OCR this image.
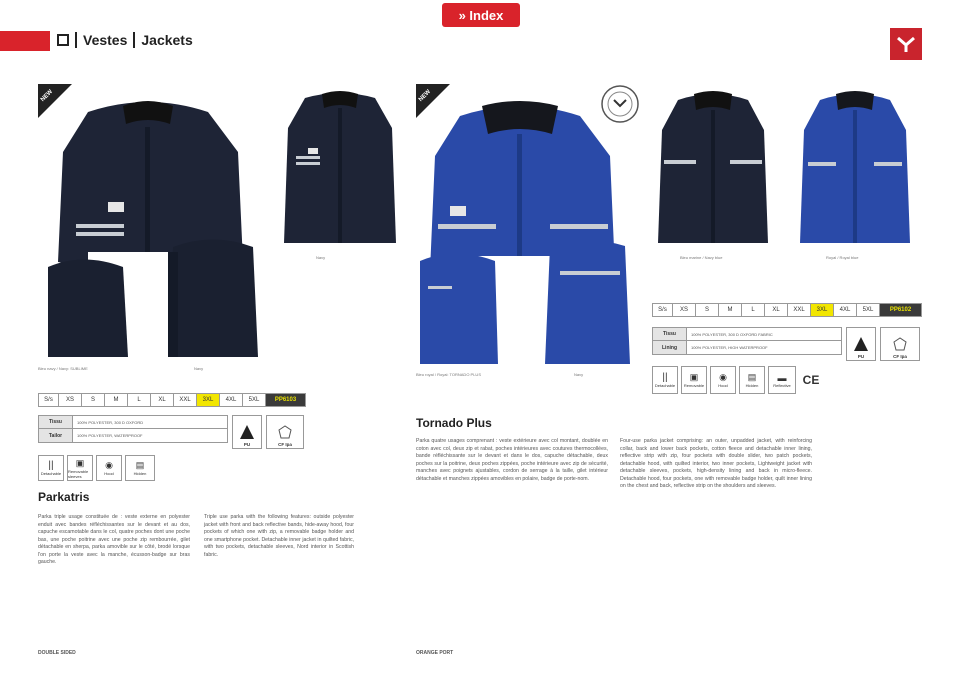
» Index
Vestes Jackets
NEW
Navy
Bleu navy / Navy: SUBLIME	Navy
S/s	XS	S	M	L	XL	XXL	3XL	4XL	5XL	PP6103
Tissu	100% POLYESTER, 300 D OXFORD
Tailor	100% POLYESTER, WATERPROOF
PU	CF Ipa
||
Detachable
▣
Removable sleeves
◉
Hood
▤
Hidden
Parkatris
Parka triple usage constituée de : veste externe en polyester enduit avec bandes réfléchissantes sur le devant et au dos, capuche escamotable dans le col, quatre poches dont une poche bas, une poche poitrine avec une poche zip rembourrée, gilet détachable en sherpa, parka amovible sur le côté, brodé lorsque l'on porte la veste avec la manche, écusson-badge sur bras gauche.
Triple use parka with the following features: outside polyester jacket with front and back reflective bands, hide-away hood, four pockets of which one with zip, a removable badge holder and one smartphone pocket. Detachable inner jacket in quilted fabric, with two pockets, detachable sleeves, Nord interior in Scottish fabric.
DOUBLE SIDED
NEW
Bleu marine / Navy blue	Royal / Royal blue
S/s	XS	S	M	L	XL	XXL	3XL	4XL	5XL	PP6102
Tissu	100% POLYESTER, 300 D OXFORD FABRIC
Lining	100% POLYESTER, HIGH WATERPROOF
PU	CF Ipa
Bleu royal / Royal: TORNADO PLUS	Navy	||
Detachable
▣
Removable
◉
Hood
▤
Hidden
▬
Reflective CE
Tornado Plus
Parka quatre usages comprenant : veste extérieure avec col montant, doublée en coton avec col, deux zip et rabat, poches intérieures avec coutures thermocollées, bande réfléchissante sur le devant et dans le dos, capuche détachable, deux poches sur la poitrine, deux poches zippées, poche intérieure avec zip de sécurité, manches avec poignets ajustables, cordon de serrage à la taille, gilet intérieur détachable et manches zippées amovibles en polaire, badge de porte-nom.
Four-use parka jacket comprising: an outer, unpadded jacket, with reinforcing collar, back and lower back pockets, cotton fleece and detachable inner lining, reflective strip with zip, four pockets with double slider, two patch pockets, detachable hood, with quilted interior, two inner pockets, Lightweight jacket with detachable sleeves, pockets, high-density lining and back in micro-fleece. Detachable hood, four pockets, one with removable badge holder, quilt inner lining on the chest and back, reflective strip on the shoulders and sleeves.
ORANGE PORT
